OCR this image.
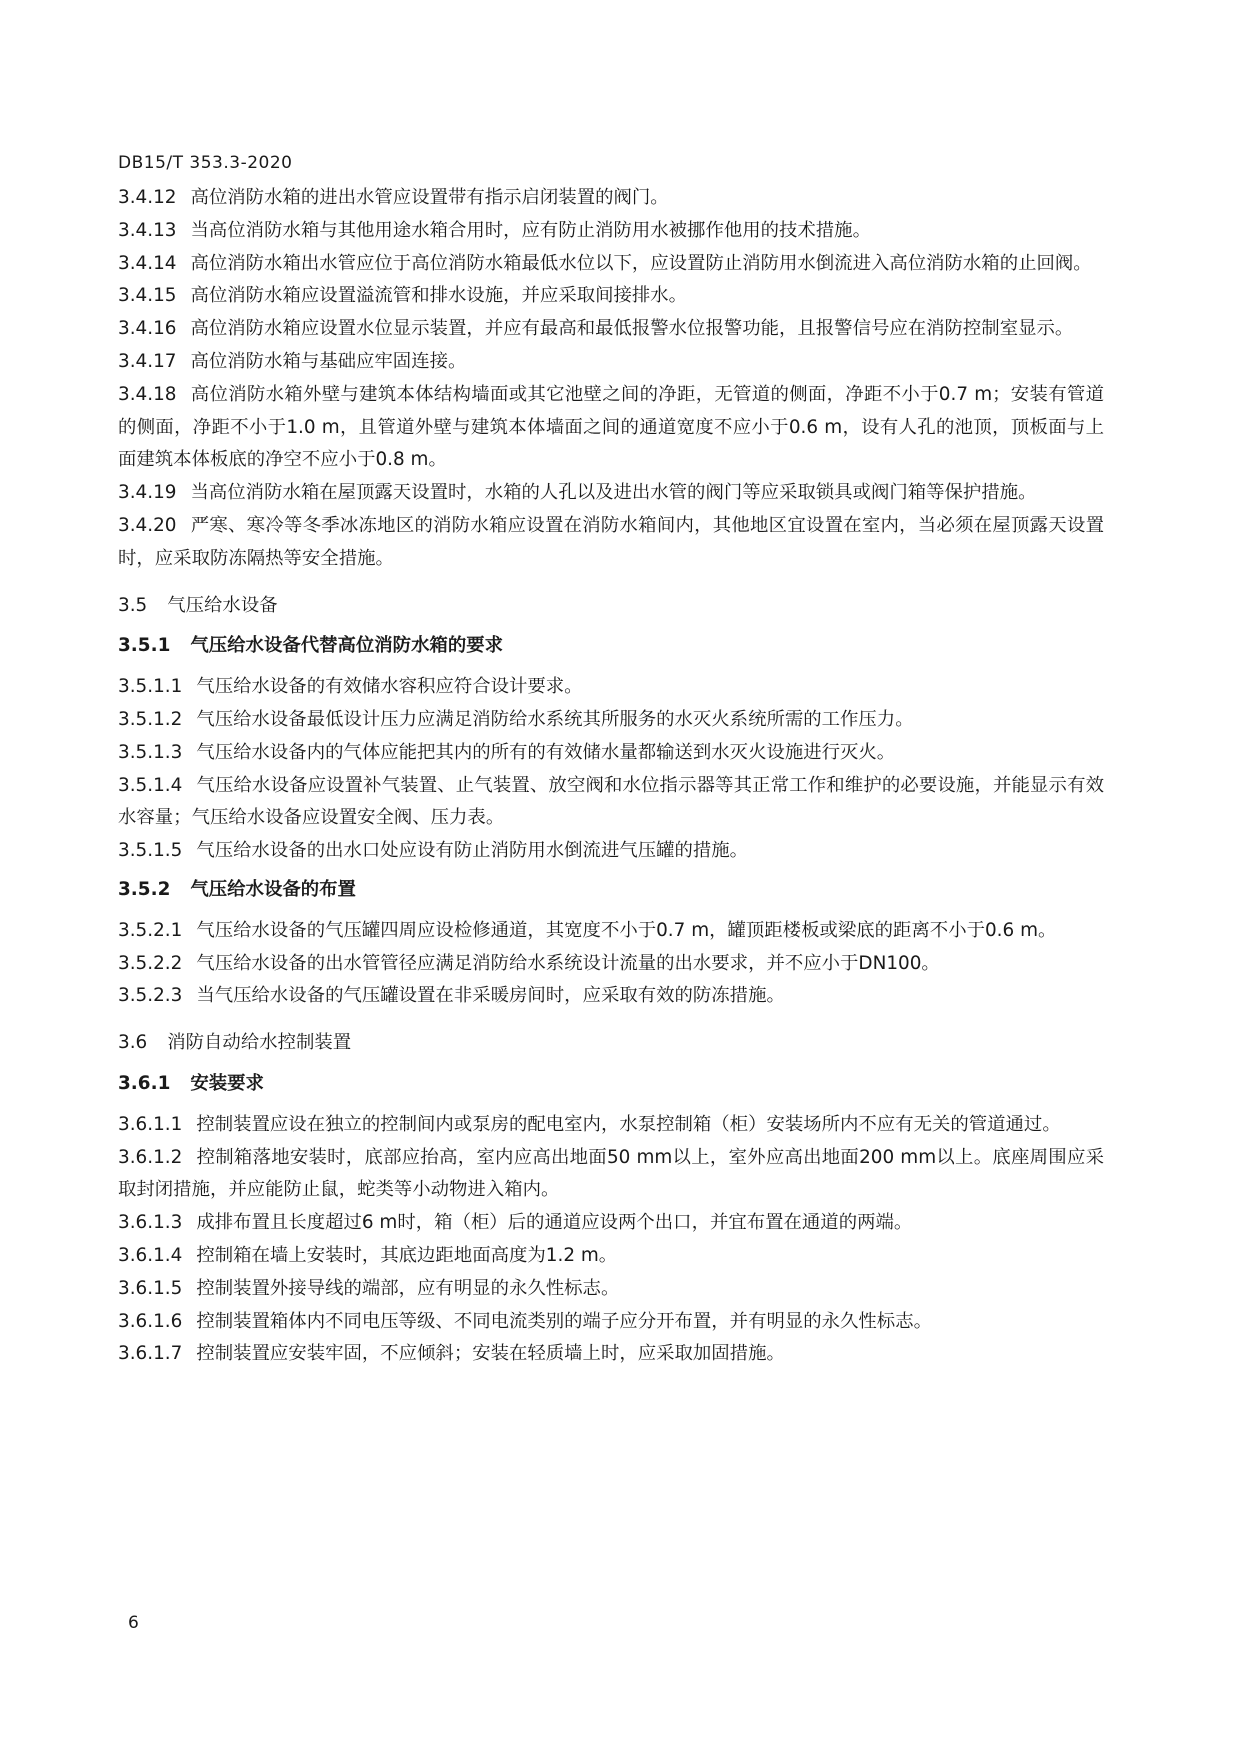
DB15/T 353.3-2020

3.4.12 高位消防水箱的进出水管应设置带有指示启闭装置的阀门。

3.4.13 当高位消防水箱与其他用途水箱合用时，应有防止消防用水被挪作他用的技术措施。

3.4.14 高位消防水箱出水管应位于高位消防水箱最低水位以下，应设置防止消防用水倒流进入高位消防水箱的止回阀。

3.4.15 高位消防水箱应设置溢流管和排水设施，并应采取间接排水。

3.4.16 高位消防水箱应设置水位显示装置，并应有最高和最低报警水位报警功能，且报警信号应在消防控制室显示。

3.4.17 高位消防水箱与基础应牢固连接。

3.4.18 高位消防水箱外壁与建筑本体结构墙面或其它池壁之间的净距，无管道的侧面，净距不小于0.7 m；安装有管道的侧面，净距不小于1.0 m，且管道外壁与建筑本体墙面之间的通道宽度不应小于0.6 m，设有人孔的池顶，顶板面与上面建筑本体板底的净空不应小于0.8 m。

3.4.19 当高位消防水箱在屋顶露天设置时，水箱的人孔以及进出水管的阀门等应采取锁具或阀门箱等保护措施。

3.4.20 严寒、寒冷等冬季冰冻地区的消防水箱应设置在消防水箱间内，其他地区宜设置在室内，当必须在屋顶露天设置时，应采取防冻隔热等安全措施。

3.5 气压给水设备

3.5.1 气压给水设备代替高位消防水箱的要求

3.5.1.1 气压给水设备的有效储水容积应符合设计要求。

3.5.1.2 气压给水设备最低设计压力应满足消防给水系统其所服务的水灭火系统所需的工作压力。

3.5.1.3 气压给水设备内的气体应能把其内的所有的有效储水量都输送到水灭火设施进行灭火。

3.5.1.4 气压给水设备应设置补气装置、止气装置、放空阀和水位指示器等其正常工作和维护的必要设施，并能显示有效水容量；气压给水设备应设置安全阀、压力表。

3.5.1.5 气压给水设备的出水口处应设有防止消防用水倒流进气压罐的措施。

3.5.2 气压给水设备的布置

3.5.2.1 气压给水设备的气压罐四周应设检修通道，其宽度不小于0.7 m，罐顶距楼板或梁底的距离不小于0.6 m。

3.5.2.2 气压给水设备的出水管管径应满足消防给水系统设计流量的出水要求，并不应小于DN100。

3.5.2.3 当气压给水设备的气压罐设置在非采暖房间时，应采取有效的防冻措施。

3.6 消防自动给水控制装置

3.6.1 安装要求

3.6.1.1 控制装置应设在独立的控制间内或泵房的配电室内，水泵控制箱（柜）安装场所内不应有无关的管道通过。

3.6.1.2 控制箱落地安装时，底部应抬高，室内应高出地面50 mm以上，室外应高出地面200 mm以上。底座周围应采取封闭措施，并应能防止鼠，蛇类等小动物进入箱内。

3.6.1.3 成排布置且长度超过6 m时，箱（柜）后的通道应设两个出口，并宜布置在通道的两端。

3.6.1.4 控制箱在墙上安装时，其底边距地面高度为1.2 m。

3.6.1.5 控制装置外接导线的端部，应有明显的永久性标志。

3.6.1.6 控制装置箱体内不同电压等级、不同电流类别的端子应分开布置，并有明显的永久性标志。

3.6.1.7 控制装置应安装牢固，不应倾斜；安装在轻质墙上时，应采取加固措施。

6
